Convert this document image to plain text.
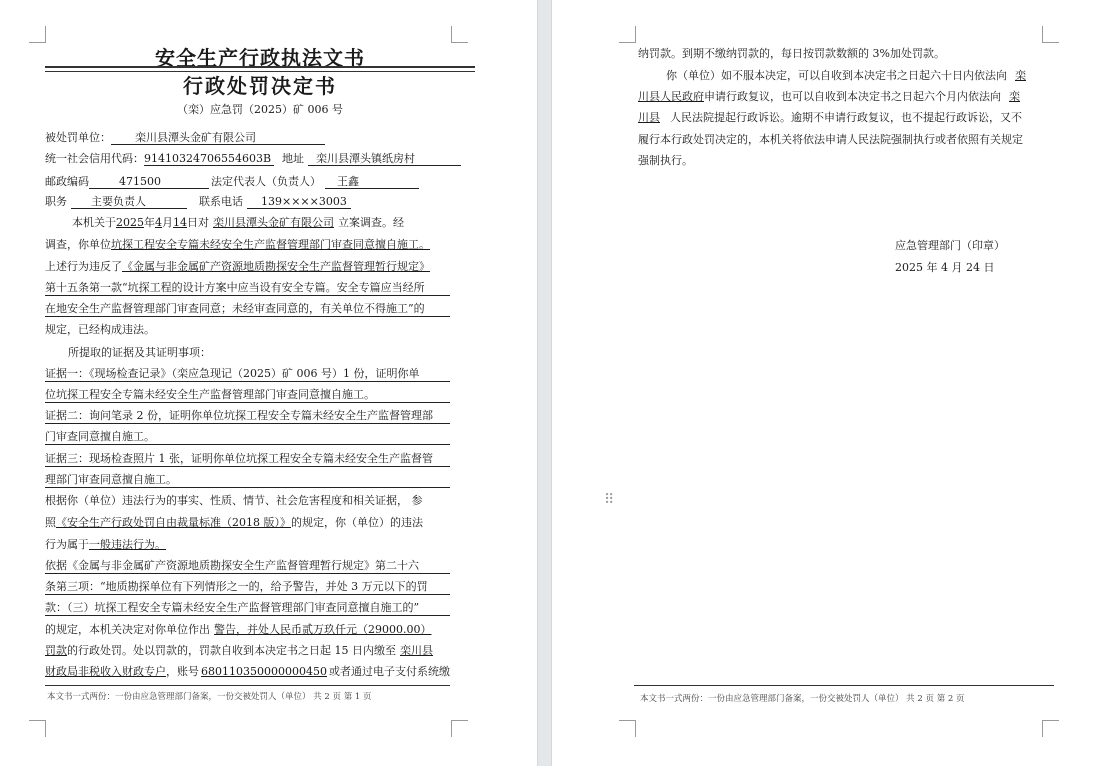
安全生产行政执法文书
行政处罚决定书
（栾）应急罚（2025）矿 006 号
被处罚单位： 栾川县潭头金矿有限公司
统一社会信用代码：91410324706554603B 地址 栾川县潭头镇纸房村
邮政编码	471500	法定代表人（负责人） 王鑫
职务 主要负责人	联系电话 139××××3003
本机关于2025年4月14日对 栾川县潭头金矿有限公司 立案调查。经
调查，你单位坑探工程安全专篇未经安全生产监督管理部门审查同意擅自施工。
上述行为违反了《金属与非金属矿产资源地质勘探安全生产监督管理暂行规定》
第十五条第一款“坑探工程的设计方案中应当设有安全专篇。安全专篇应当经所
在地安全生产监督管理部门审查同意；未经审查同意的，有关单位不得施工”的
规定，已经构成违法。
所提取的证据及其证明事项：
证据一：《现场检查记录》（栾应急现记（2025）矿 006 号）1 份，证明你单
位坑探工程安全专篇未经安全生产监督管理部门审查同意擅自施工。
证据二：询问笔录 2 份，证明你单位坑探工程安全专篇未经安全生产监督管理部
门审查同意擅自施工。
证据三：现场检查照片 1 张，证明你单位坑探工程安全专篇未经安全生产监督管
理部门审查同意擅自施工。
根据你（单位）违法行为的事实、性质、情节、社会危害程度和相关证据， 参
照《安全生产行政处罚自由裁量标准（2018 版）》的规定，你（单位）的违法
行为属于一般违法行为。
依据《金属与非金属矿产资源地质勘探安全生产监督管理暂行规定》第二十六
条第三项：“地质勘探单位有下列情形之一的，给予警告，并处 3 万元以下的罚
款：（三）坑探工程安全专篇未经安全生产监督管理部门审查同意擅自施工的”
的规定，本机关决定对你单位作出 警告，并处人民币贰万玖仟元（29000.00）
罚款的行政处罚。处以罚款的，罚款自收到本决定书之日起 15 日内缴至 栾川县
财政局非税收入财政专户，账号 680110350000000450 或者通过电子支付系统缴
本文书一式两份：一份由应急管理部门备案，一份交被处罚人（单位） 共 2 页 第 1 页
纳罚款。到期不缴纳罚款的，每日按罚款数额的 3%加处罚款。
你（单位）如不服本决定，可以自收到本决定书之日起六十日内依法向 栾
川县人民政府申请行政复议，也可以自收到本决定书之日起六个月内依法向 栾
川县 人民法院提起行政诉讼。逾期不申请行政复议，也不提起行政诉讼，又不
履行本行政处罚决定的，本机关将依法申请人民法院强制执行或者依照有关规定
强制执行。
应急管理部门（印章）
2025 年 4 月 24 日
本文书一式两份：一份由应急管理部门备案，一份交被处罚人（单位） 共 2 页 第 2 页
⠿
